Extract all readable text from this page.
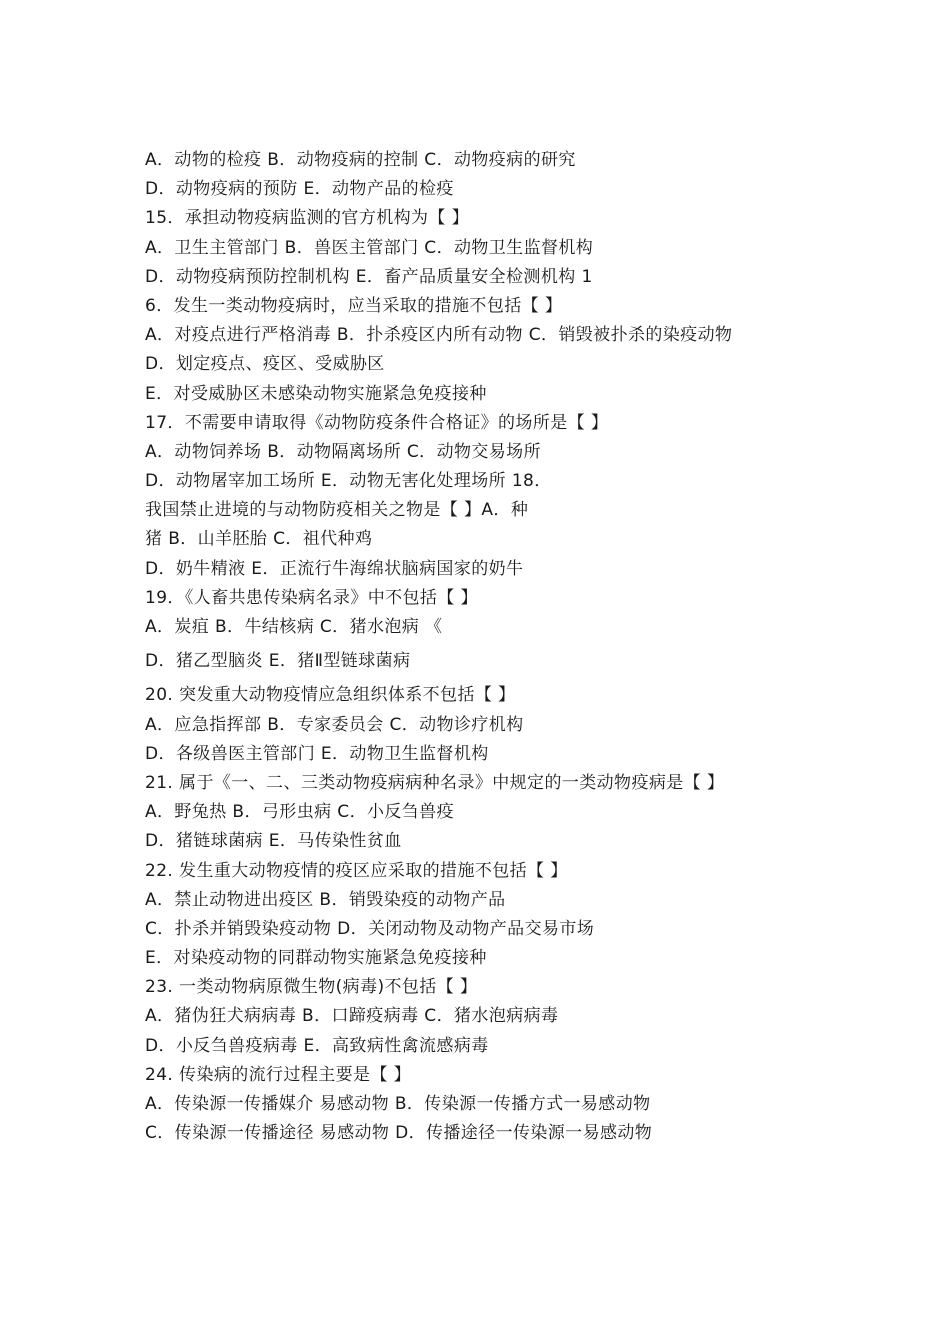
A．动物的检疫 B．动物疫病的控制 C．动物疫病的研究
D．动物疫病的预防 E．动物产品的检疫
15．承担动物疫病监测的官方机构为【 】
A．卫生主管部门 B．兽医主管部门 C．动物卫生监督机构
D．动物疫病预防控制机构 E．畜产品质量安全检测机构 1
6．发生一类动物疫病时，应当采取的措施不包括【 】
A．对疫点进行严格消毒 B．扑杀疫区内所有动物 C．销毁被扑杀的染疫动物
D．划定疫点、疫区、受威胁区
E．对受威胁区未感染动物实施紧急免疫接种
17．不需要申请取得《动物防疫条件合格证》的场所是【 】
A．动物饲养场 B．动物隔离场所 C．动物交易场所
D．动物屠宰加工场所 E．动物无害化处理场所 18．
我国禁止进境的与动物防疫相关之物是【 】A．种
猪 B．山羊胚胎 C．祖代种鸡
D．奶牛精液 E．正流行牛海绵状脑病国家的奶牛
19．《人畜共患传染病名录》中不包括【 】
A．炭疽 B．牛结核病 C．猪水泡病 《
D．猪乙型脑炎 E．猪Ⅱ型链球菌病
20. 突发重大动物疫情应急组织体系不包括【 】
A．应急指挥部 B．专家委员会 C．动物诊疗机构
D．各级兽医主管部门 E．动物卫生监督机构
21. 属于《一、二、三类动物疫病病种名录》中规定的一类动物疫病是【 】
A．野兔热 B．弓形虫病 C．小反刍兽疫
D．猪链球菌病 E．马传染性贫血
22. 发生重大动物疫情的疫区应采取的措施不包括【 】
A．禁止动物进出疫区 B．销毁染疫的动物产品
C．扑杀并销毁染疫动物 D．关闭动物及动物产品交易市场
E．对染疫动物的同群动物实施紧急免疫接种
23. 一类动物病原微生物(病毒)不包括【 】
A．猪伪狂犬病病毒 B．口蹄疫病毒 C．猪水泡病病毒
D．小反刍兽疫病毒 E．高致病性禽流感病毒
24. 传染病的流行过程主要是【 】
A．传染源一传播媒介 易感动物 B．传染源一传播方式一易感动物
C．传染源一传播途径 易感动物 D．传播途径一传染源一易感动物
